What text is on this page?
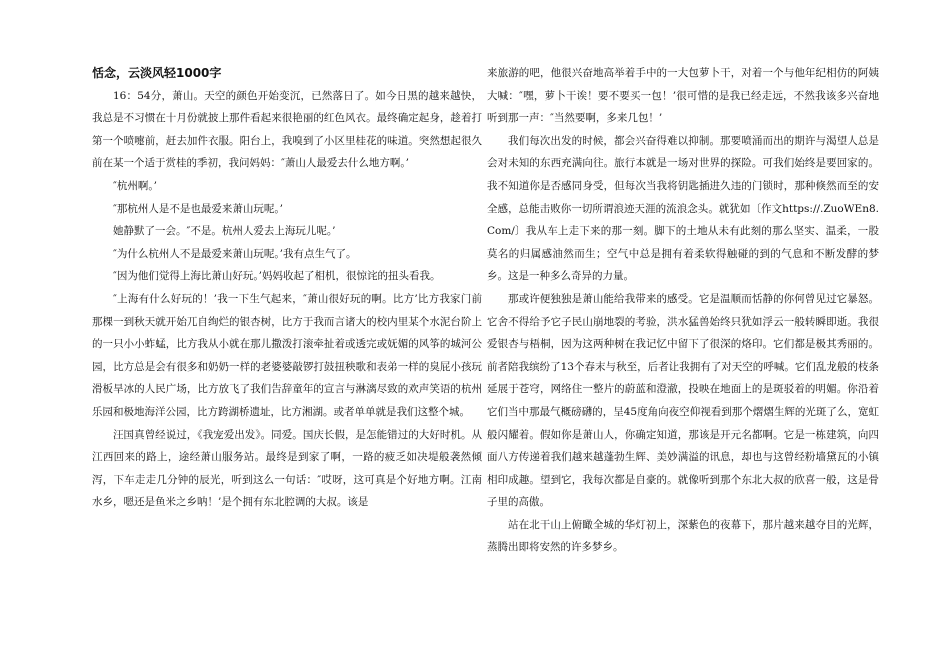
恬念，云淡风轻1000字

16：54分，萧山。天空的颜色开始变沉，已然落日了。如今日黑的越来越快，我总是不习惯在十月份就披上那件看起来很艳丽的红色风衣。最终确定起身，趁着打第一个喷嚏前，赶去加件衣服。阳台上，我嗅到了小区里桂花的味道。突然想起很久前在某一个适于赏桂的季初，我问妈妈：″萧山人最爱去什么地方啊。’

″杭州啊。’

″那杭州人是不是也最爱来萧山玩呢。’

她静默了一会。″不是。杭州人爱去上海玩儿呢。’

″为什么杭州人不是最爱来萧山玩呢。’我有点生气了。

″因为他们觉得上海比萧山好玩。’妈妈收起了相机，很惊诧的扭头看我。

″上海有什么好玩的！’我一下生气起来，″萧山很好玩的啊。比方’比方我家门前那棵一到秋天就开始兀自绚烂的银杏树，比方于我而言诸大的校内里某个水泥台阶上的一只小小蚱蜢，比方我从小就在那儿撒泼打滚牵扯着或透完或妩媚的风筝的城河公园，比方总是会有很多和奶奶一样的老婆婆敲锣打鼓扭秧歌和表弟一样的臭屁小孩玩滑板旱冰的人民广场，比方放飞了我们告辞童年的宣言与淋漓尽致的欢声笑语的杭州乐园和极地海洋公园，比方跨湖桥遗址，比方湘湖。或者单单就是我们这整个城。

汪国真曾经说过，《我宠爱出发》。同爱。国庆长假，是怎能错过的大好时机。从江西回来的路上，途经萧山服务站。最终是到家了啊，一路的疲乏如决堤般袭然倾泻，下车走走几分钟的辰光，听到这么一句话：″哎呀，这可真是个好地方啊。江南水乡，嗯还是鱼米之乡呐！’是个拥有东北腔调的大叔。该是

来旅游的吧，他很兴奋地高举着手中的一大包萝卜干，对着一个与他年纪相仿的阿姨大喊：″嘿，萝卜干诶！要不要买一包！’很可惜的是我已经走远，不然我该多兴奋地听到那一声：″当然要啊，多来几包！’

我们每次出发的时候，都会兴奋得难以抑制。那要喷涌而出的期许与渴望人总是会对未知的东西充满向往。旅行本就是一场对世界的探险。可我们始终是要回家的。我不知道你是否感同身受，但每次当我将钥匙插进久违的门锁时，那种倏然而至的安全感，总能击败你一切所谓浪迹天涯的流浪念头。就犹如〔作文https://.ZuoWEn8.Com/〕我从车上走下来的那一刻。脚下的土地从未有此刻的那么坚实、温柔，一股莫名的归属感油然而生；空气中总是拥有着柔软得触碰的到的气息和不断发酵的梦乡。这是一种多么奇异的力量。

那或许便独独是萧山能给我带来的感受。它是温顺而恬静的你何曾见过它暴怒。它舍不得给予它子民山崩地裂的考验，洪水猛兽始终只犹如浮云一般转瞬即逝。我很爱银杏与梧桐，因为这两种树在我记忆中留下了很深的烙印。它们都是极其秀丽的。前者陪我缤纷了13个春末与秋至，后者让我拥有了对天空的呼喊。它们乱龙般的枝条延展于苍穹，网络住一整片的蔚蓝和澄澈，投映在地面上的是斑驳着的明媚。你沿着它们当中那最气概磅礴的，呈45度角向夜空仰视看到那个熠熠生辉的光斑了么，宽虹般闪耀着。假如你是萧山人，你确定知道，那该是开元名都啊。它是一栋建筑，向四面八方传递着我们越来越蓬勃生辉、美妙满溢的讯息，却也与这曾经粉墙黛瓦的小镇相印成趣。望到它，我每次都是自豪的。就像听到那个东北大叔的欣喜一般，这是骨子里的高傲。

站在北干山上俯瞰全城的华灯初上，深紫色的夜幕下，那片越来越夺目的光辉，蒸腾出即将安然的许多梦乡。
